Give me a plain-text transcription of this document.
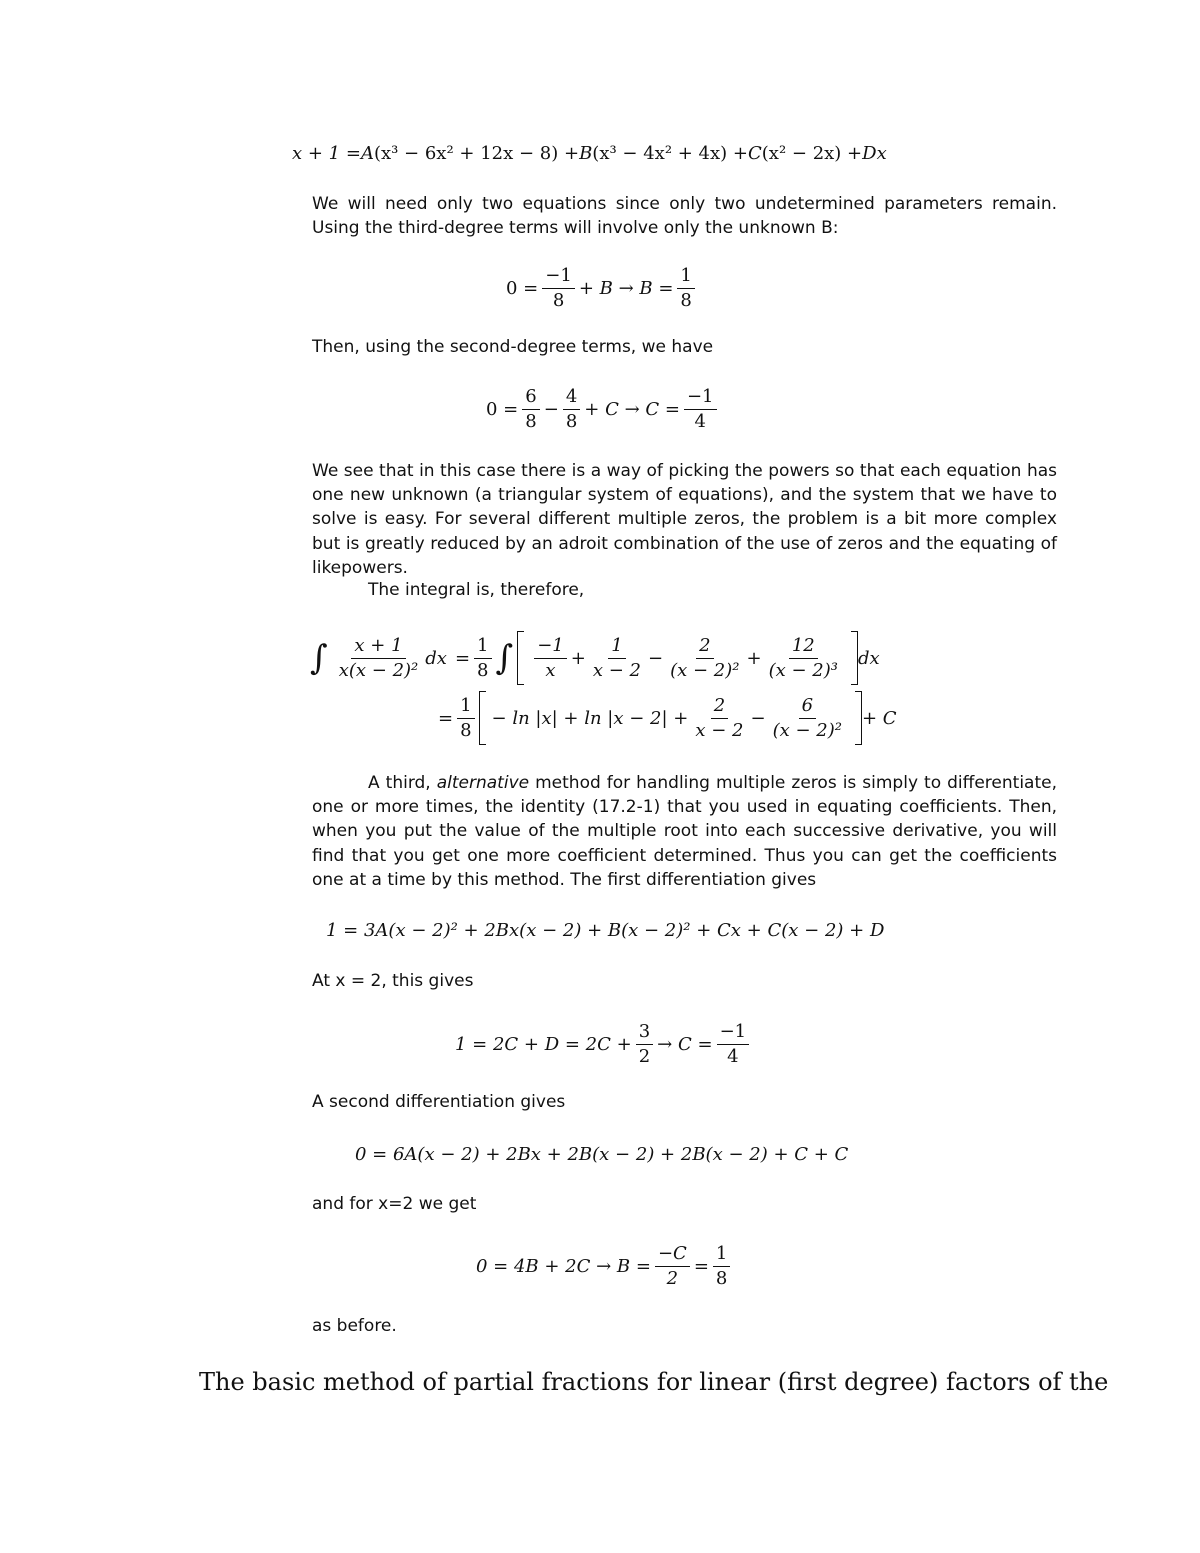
x + 1 = A (x³ − 6x² + 12x − 8) + B (x³ − 4x² + 4x) + C (x² − 2x) + Dx

We will need only two equations since only two undetermined parameters remain. Using the third-degree terms will involve only the unknown B:

$0 = \frac{-1}{8} + B \to B = \frac{1}{8}$
Then, using the second-degree terms, we have
$0 = \frac{6}{8} - \frac{4}{8} + C \to C = \frac{-1}{4}$

We see that in this case there is a way of picking the powers so that each equation has one new unknown (a triangular system of equations), and the system that we have to solve is easy. For several different multiple zeros, the problem is a bit more complex but is greatly reduced by an adroit combination of the use of zeros and the equating of likepowers.

The integral is, therefore,
∫ $\frac{x + 1}{\text{x(x − 2)²}}$ dx = $\frac{1}{8}$ ∫ $\frac{-1}{x} + \frac{1}{x - 2} - \frac{2}{\text{(x − 2)²}} + \frac{12}{\text{(x − 2)³}}$ dx
= $\frac{1}{8} - \ln |x| + \ln |x - 2| + \frac{2}{x - 2} - \frac{6}{\text{(x − 2)²}} + C$

A third, alternative method for handling multiple zeros is simply to differentiate, one or more times, the identity (17.2-1) that you used in equating coefficients. Then, when you put the value of the multiple root into each successive derivative, you will find that you get one more coefficient determined. Thus you can get the coefficients one at a time by this method. The first differentiation gives

1 = 3A(x − 2)² + 2Bx(x − 2) + B(x − 2)² + Cx + C(x − 2) + D
At x = 2, this gives
$1 = 2C + D = 2C + \frac{3}{2} \to C = \frac{-1}{4}$
A second differentiation gives
0 = 6A(x − 2) + 2Bx + 2B(x − 2) + 2B(x − 2) + C + C
and for x=2 we get
$0 = 4B + 2C \to B = \frac{-C}{2} = \frac{1}{8}$
as before.
The basic method of partial fractions for linear (first degree) factors of the
